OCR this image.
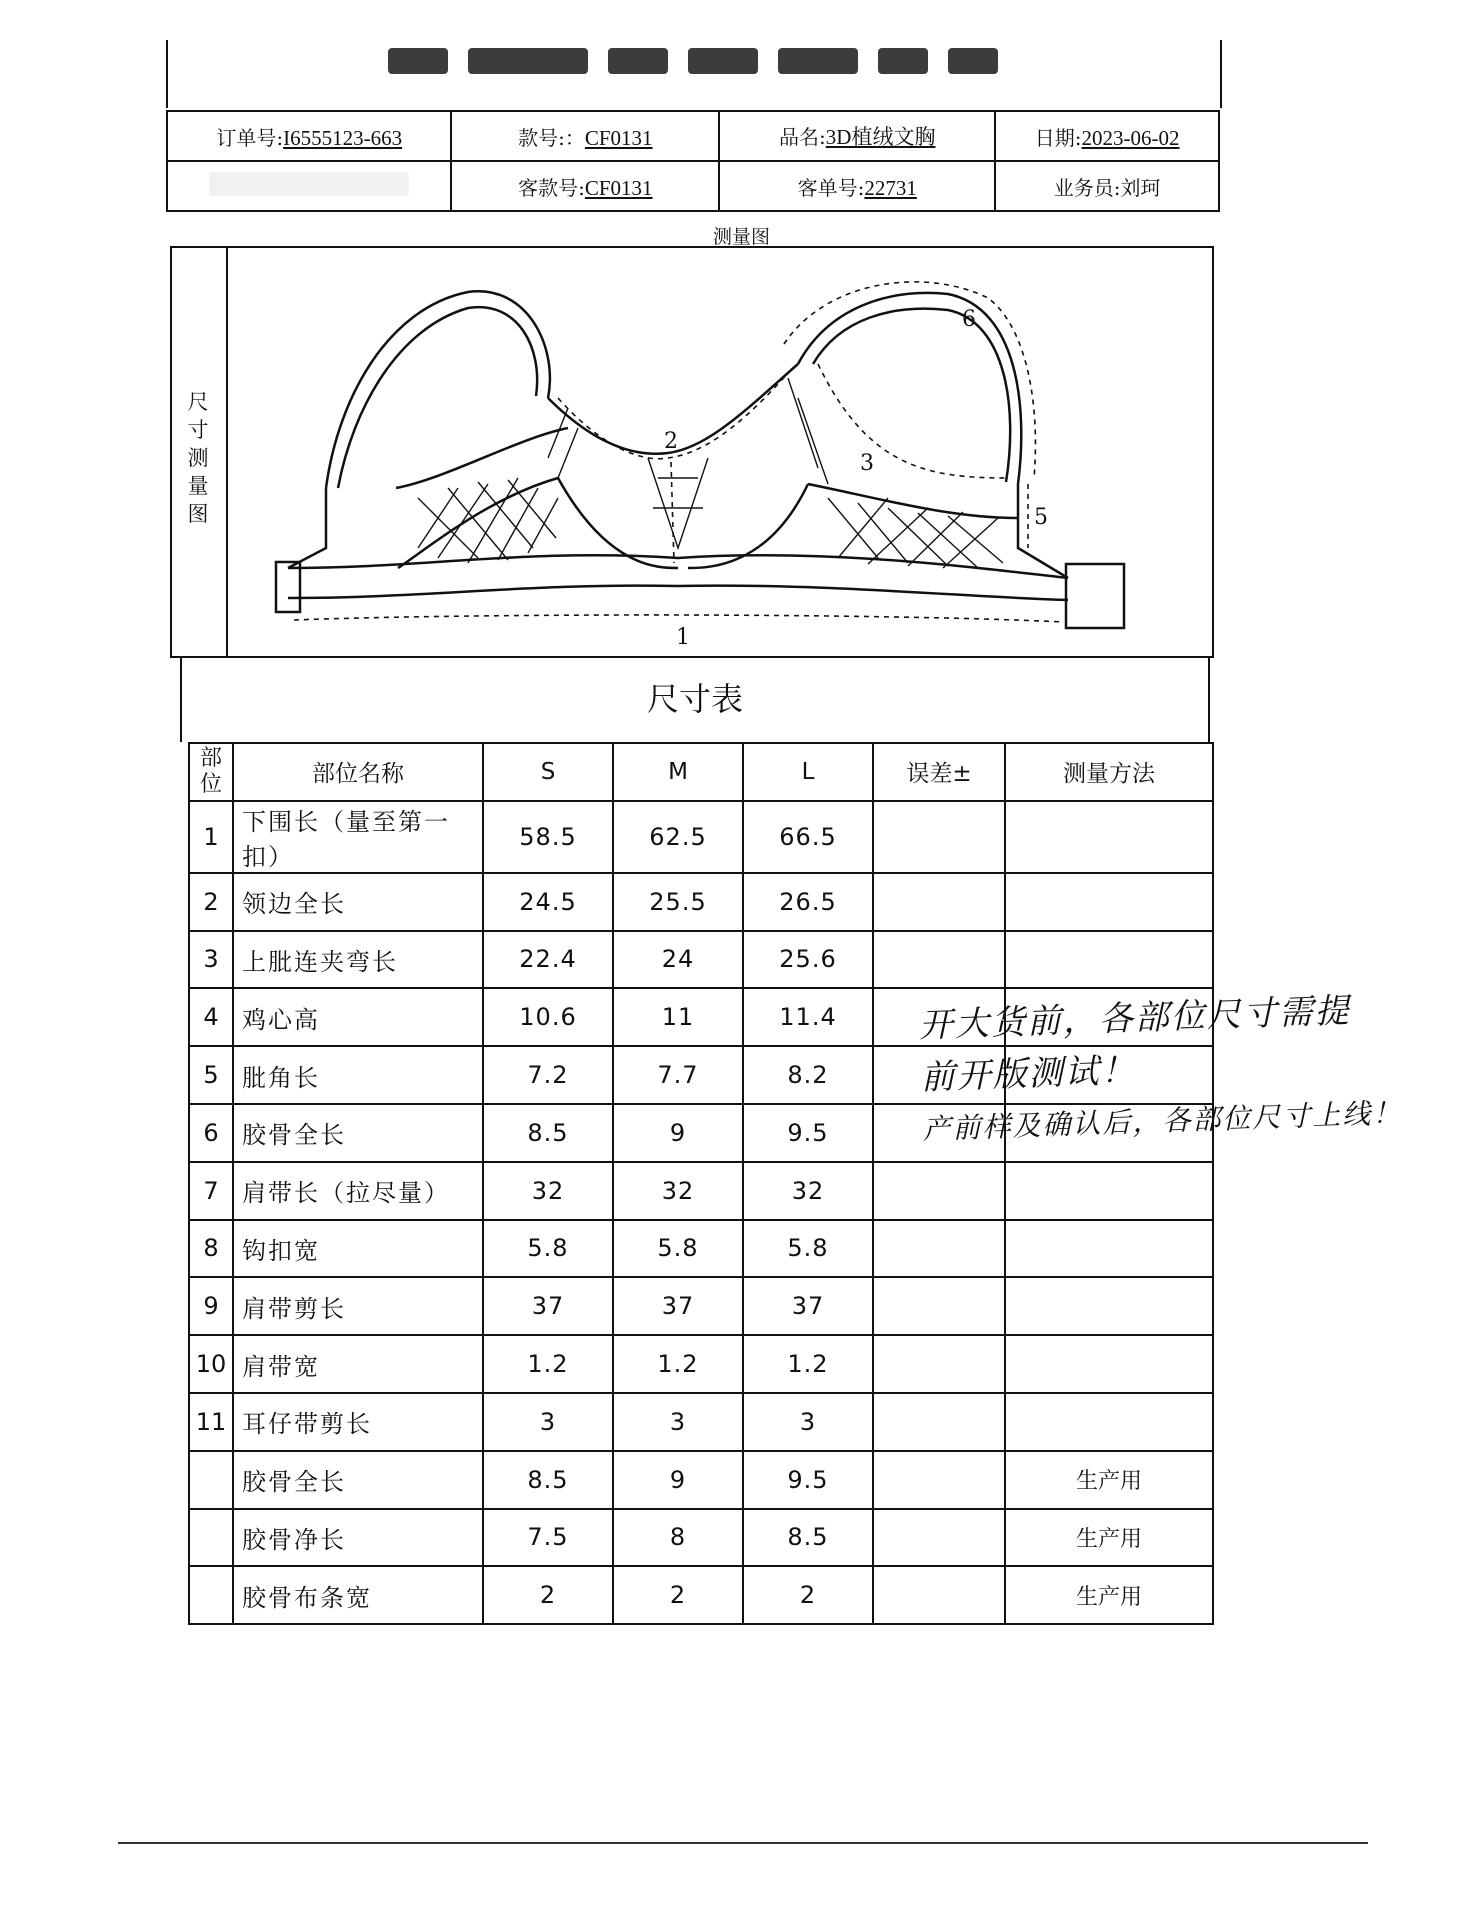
订单号:I6555123-663	款号:：CF0131	品名:3D植绒文胸	日期:2023-06-02
	客款号:CF0131	客单号:22731	业务员:刘珂
测量图
尺
寸
测
量
图
1
2
3
5
6
尺寸表
部位	部位名称	S	M	L	误差±	测量方法
1	下围长（量至第一扣）	58.5	62.5	66.5		
2	领边全长	24.5	25.5	26.5		
3	上肶连夹弯长	22.4	24	25.6		
4	鸡心高	10.6	11	11.4		
5	肶角长	7.2	7.7	8.2		
6	胶骨全长	8.5	9	9.5		
7	肩带长（拉尽量）	32	32	32		
8	钩扣宽	5.8	5.8	5.8		
9	肩带剪长	37	37	37		
10	肩带宽	1.2	1.2	1.2		
11	耳仔带剪长	3	3	3		
	胶骨全长	8.5	9	9.5		生产用
	胶骨净长	7.5	8	8.5		生产用
	胶骨布条宽	2	2	2		生产用
开大货前，各部位尺寸需提
前开版测试！
产前样及确认后，各部位尺寸上线！
